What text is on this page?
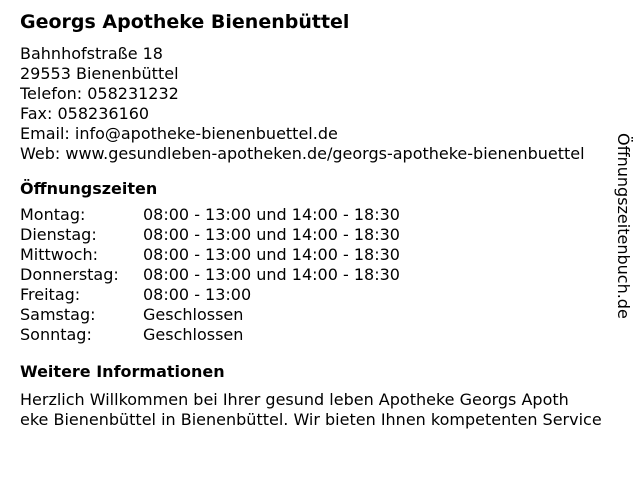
Georgs Apotheke Bienenbüttel
Bahnhofstraße 18
29553 Bienenbüttel
Telefon: 058231232
Fax: 058236160
Email: info@apotheke-bienenbuettel.de
Web: www.gesundleben-apotheken.de/georgs-apotheke-bienenbuettel
Öffnungszeiten
Montag:	08:00 - 13:00 und 14:00 - 18:30
Dienstag:	08:00 - 13:00 und 14:00 - 18:30
Mittwoch:	08:00 - 13:00 und 14:00 - 18:30
Donnerstag:	08:00 - 13:00 und 14:00 - 18:30
Freitag:	08:00 - 13:00
Samstag:	Geschlossen
Sonntag:	Geschlossen
Weitere Informationen
Herzlich Willkommen bei Ihrer gesund leben Apotheke Georgs Apoth
eke Bienenbüttel in Bienenbüttel. Wir bieten Ihnen kompetenten Service
Öffnungszeitenbuch.de
